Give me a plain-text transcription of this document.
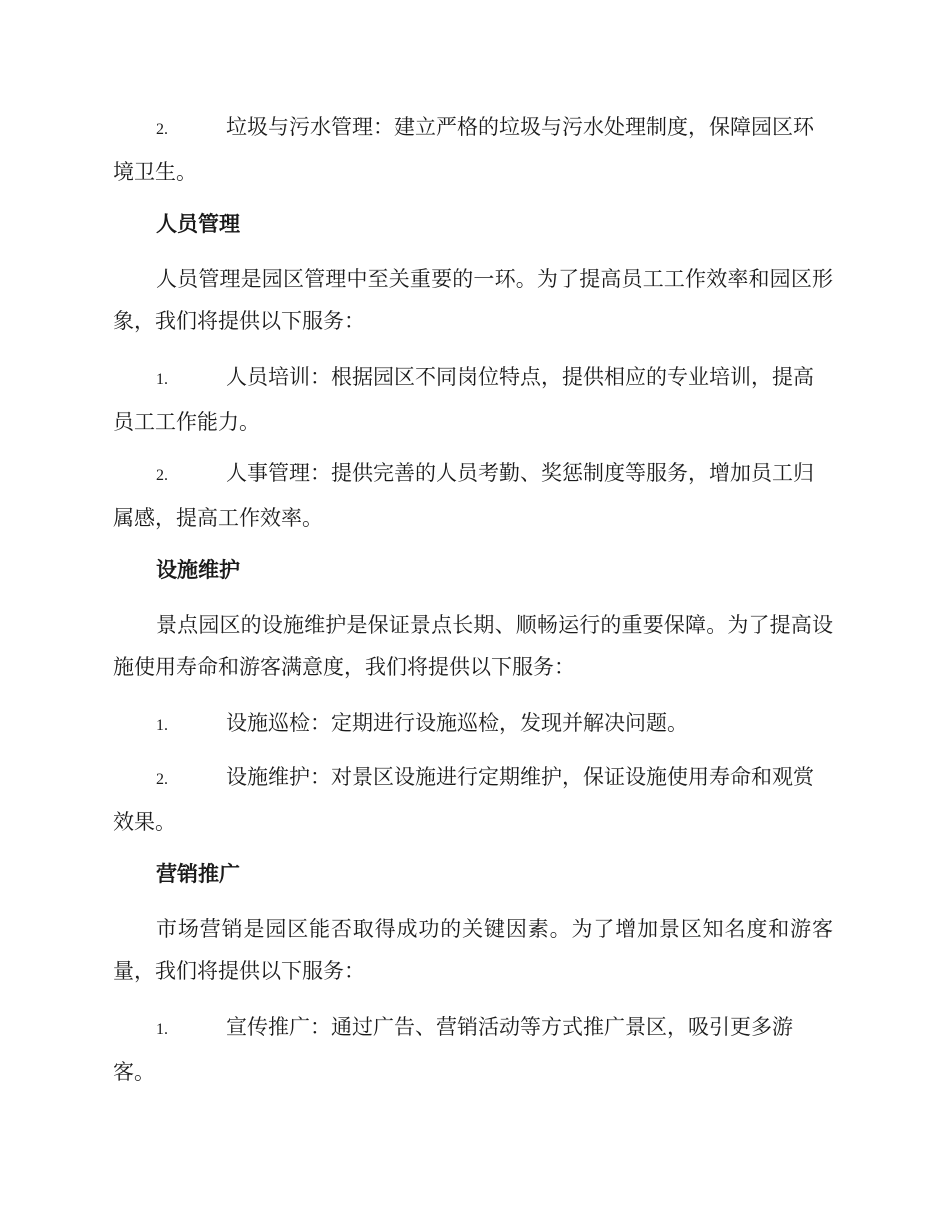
2.	垃圾与污水管理：建立严格的垃圾与污水处理制度，保障园区环境卫生。

人员管理

人员管理是园区管理中至关重要的一环。为了提高员工工作效率和园区形象，我们将提供以下服务：

1.	人员培训：根据园区不同岗位特点，提供相应的专业培训，提高员工工作能力。

2.	人事管理：提供完善的人员考勤、奖惩制度等服务，增加员工归属感，提高工作效率。

设施维护

景点园区的设施维护是保证景点长期、顺畅运行的重要保障。为了提高设施使用寿命和游客满意度，我们将提供以下服务：

1.	设施巡检：定期进行设施巡检，发现并解决问题。

2.	设施维护：对景区设施进行定期维护，保证设施使用寿命和观赏效果。

营销推广

市场营销是园区能否取得成功的关键因素。为了增加景区知名度和游客量，我们将提供以下服务：

1.	宣传推广：通过广告、营销活动等方式推广景区，吸引更多游客。
